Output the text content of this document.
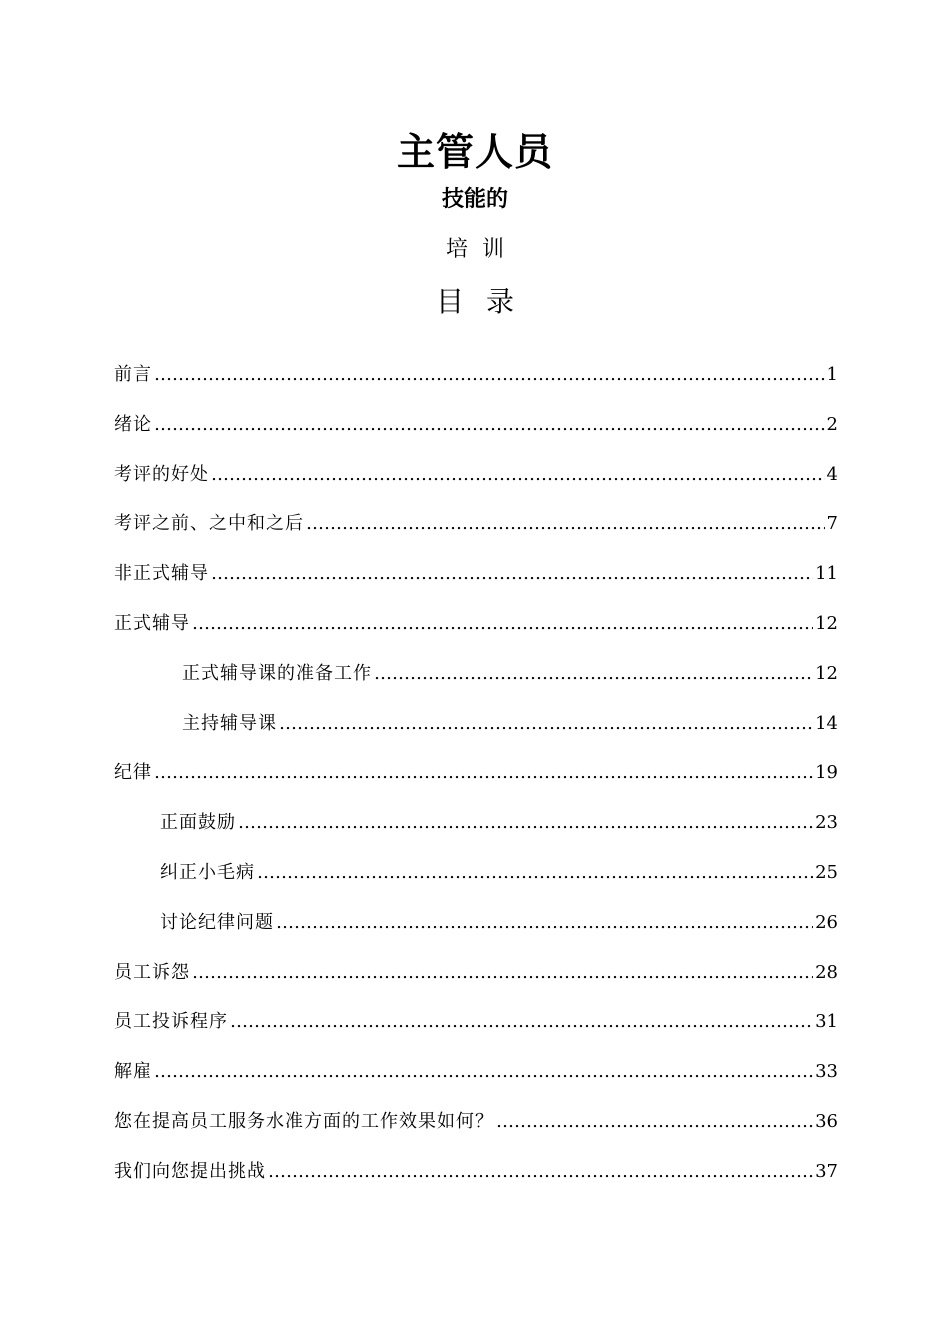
主管人员
技能的
培训
目录
前言 ……………………………………………………………………………………………………………………………………………………………………………………………………………………	1
绪论 ……………………………………………………………………………………………………………………………………………………………………………………………………………………	2
考评的好处 ……………………………………………………………………………………………………………………………………………………………………………………………………………………	4
考评之前、之中和之后 ……………………………………………………………………………………………………………………………………………………………………………………………………………………	7
非正式辅导 ……………………………………………………………………………………………………………………………………………………………………………………………………………………	11
正式辅导 ……………………………………………………………………………………………………………………………………………………………………………………………………………………	12
正式辅导课的准备工作 ……………………………………………………………………………………………………………………………………………………………………………………………………………………	12
主持辅导课 ……………………………………………………………………………………………………………………………………………………………………………………………………………………	14
纪律 ……………………………………………………………………………………………………………………………………………………………………………………………………………………	19
正面鼓励 ……………………………………………………………………………………………………………………………………………………………………………………………………………………	23
纠正小毛病 ……………………………………………………………………………………………………………………………………………………………………………………………………………………	25
讨论纪律问题 ……………………………………………………………………………………………………………………………………………………………………………………………………………………	26
员工诉怨 ……………………………………………………………………………………………………………………………………………………………………………………………………………………	28
员工投诉程序 ……………………………………………………………………………………………………………………………………………………………………………………………………………………	31
解雇 ……………………………………………………………………………………………………………………………………………………………………………………………………………………	33
您在提高员工服务水准方面的工作效果如何？ ……………………………………………………………………………………………………………………………………………………………………………………………………………………	36
我们向您提出挑战 ……………………………………………………………………………………………………………………………………………………………………………………………………………………	37
